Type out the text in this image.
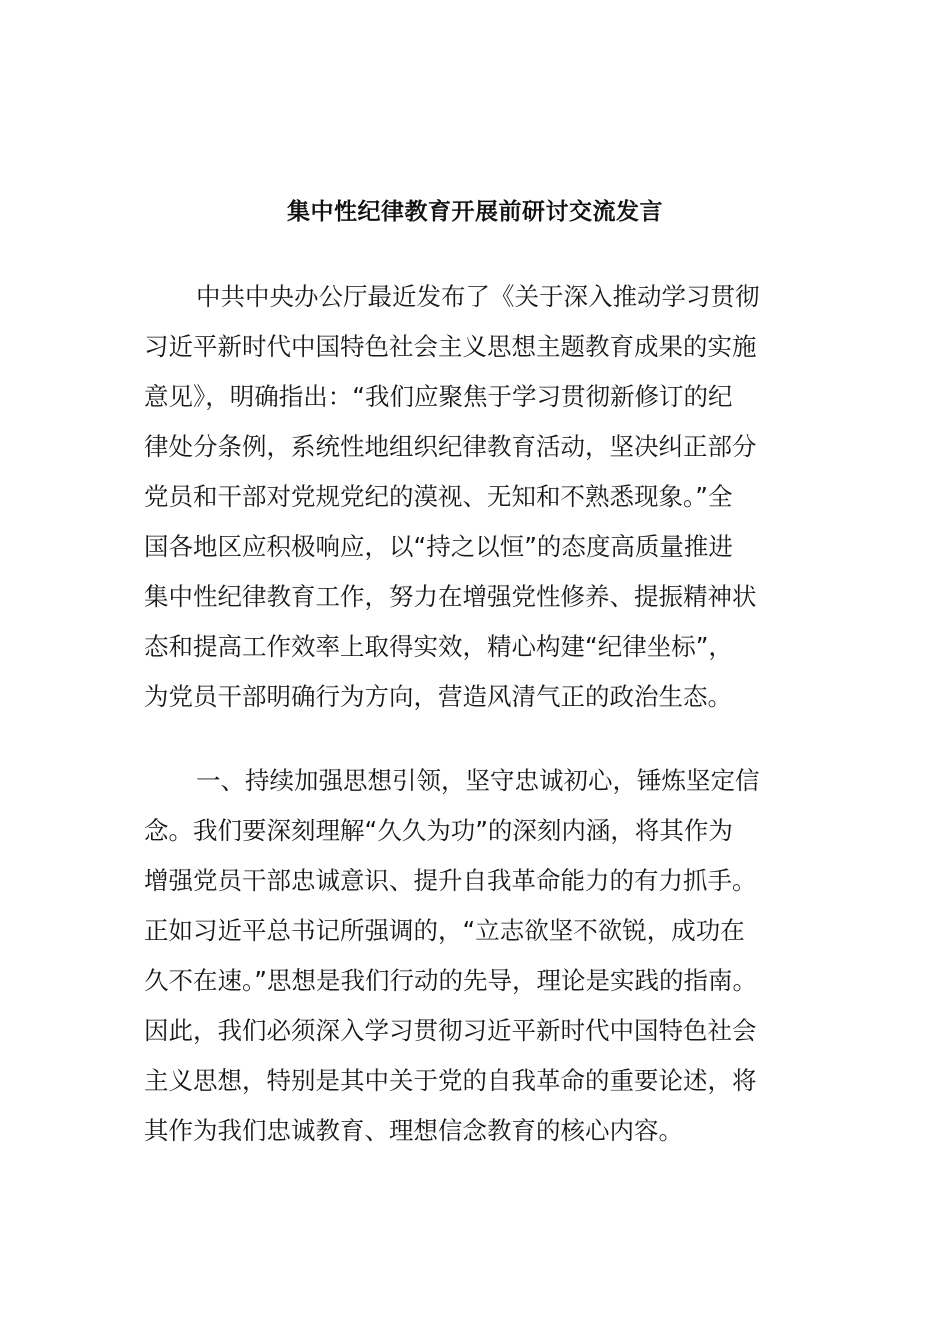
集中性纪律教育开展前研讨交流发言
中共中央办公厅最近发布了《关于深入推动学习贯彻
习近平新时代中国特色社会主义思想主题教育成果的实施
意见》，明确指出：“我们应聚焦于学习贯彻新修订的纪
律处分条例，系统性地组织纪律教育活动，坚决纠正部分
党员和干部对党规党纪的漠视、无知和不熟悉现象。”全
国各地区应积极响应，以“持之以恒”的态度高质量推进
集中性纪律教育工作，努力在增强党性修养、提振精神状
态和提高工作效率上取得实效，精心构建“纪律坐标”，
为党员干部明确行为方向，营造风清气正的政治生态。
一、持续加强思想引领，坚守忠诚初心，锤炼坚定信
念。我们要深刻理解“久久为功”的深刻内涵，将其作为
增强党员干部忠诚意识、提升自我革命能力的有力抓手。
正如习近平总书记所强调的，“立志欲坚不欲锐，成功在
久不在速。”思想是我们行动的先导，理论是实践的指南。
因此，我们必须深入学习贯彻习近平新时代中国特色社会
主义思想，特别是其中关于党的自我革命的重要论述，将
其作为我们忠诚教育、理想信念教育的核心内容。
